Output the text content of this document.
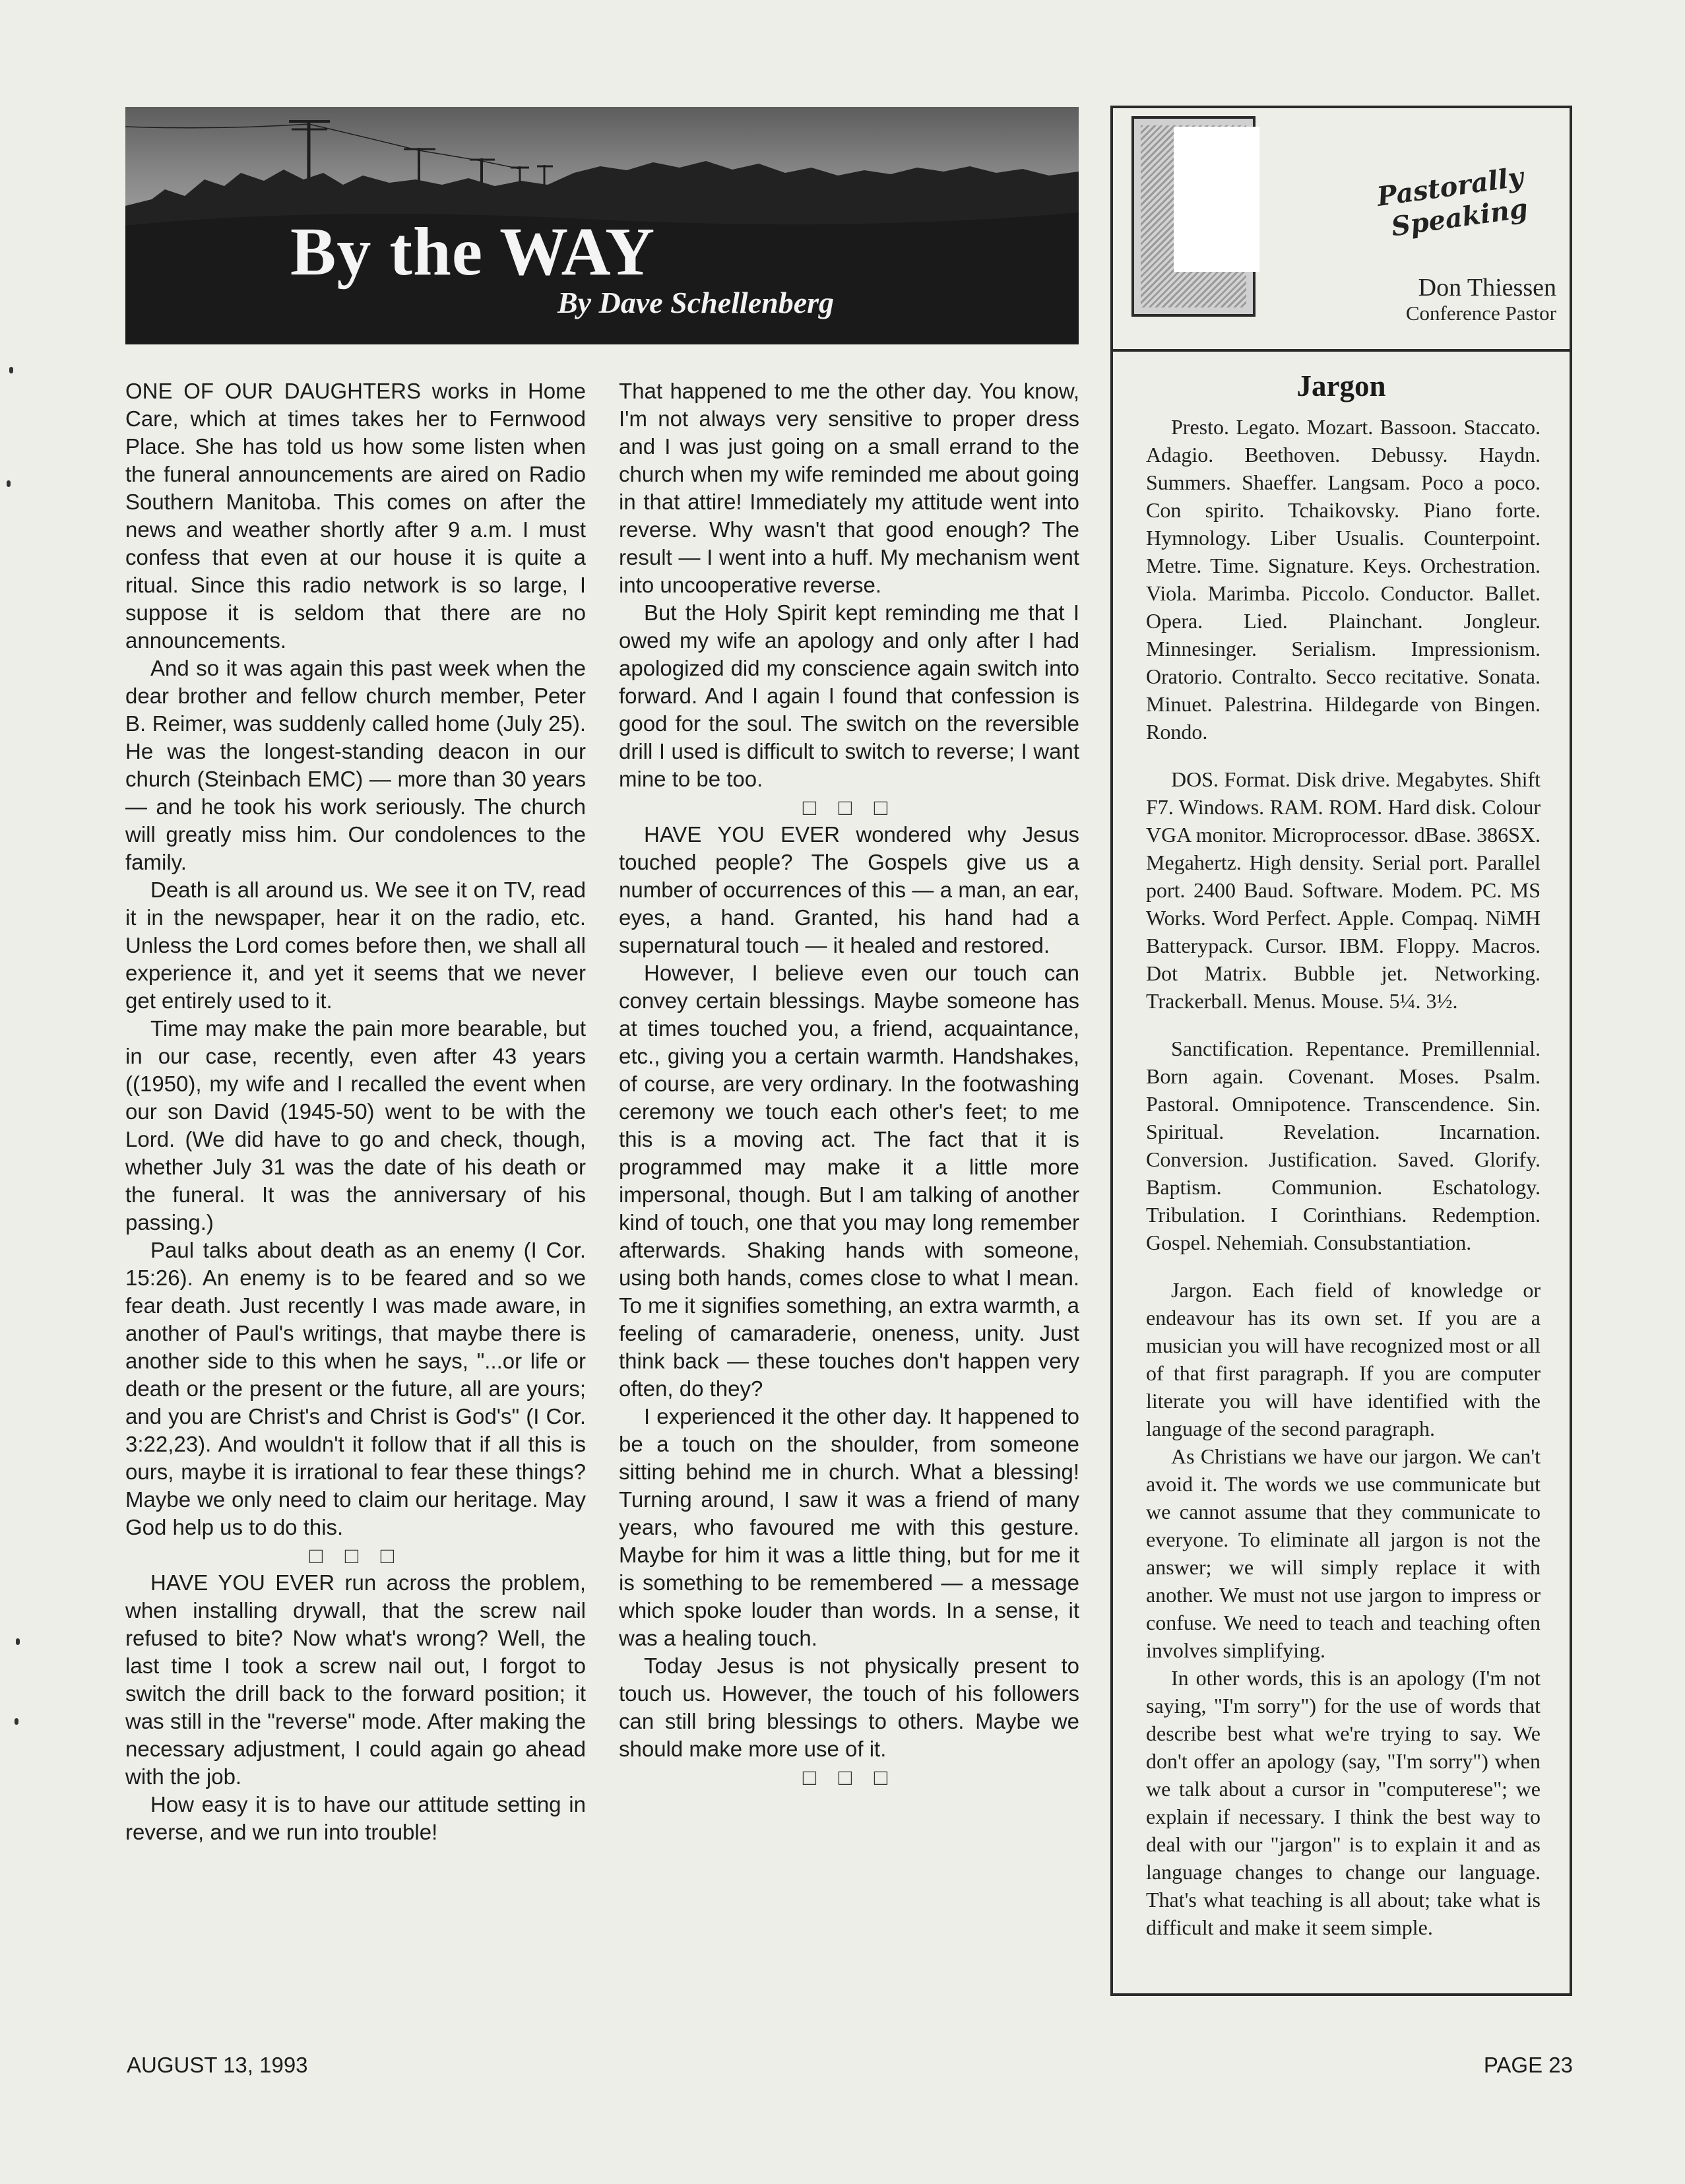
By the WAY
By Dave Schellenberg

ONE OF OUR DAUGHTERS works in Home Care, which at times takes her to Fernwood Place. She has told us how some listen when the funeral announcements are aired on Radio Southern Manitoba. This comes on after the news and weather shortly after 9 a.m. I must confess that even at our house it is quite a ritual. Since this radio network is so large, I suppose it is seldom that there are no announcements.

And so it was again this past week when the dear brother and fellow church member, Peter B. Reimer, was suddenly called home (July 25). He was the longest-standing deacon in our church (Steinbach EMC) — more than 30 years — and he took his work seriously. The church will greatly miss him. Our condolences to the family.

Death is all around us. We see it on TV, read it in the newspaper, hear it on the radio, etc. Unless the Lord comes before then, we shall all experience it, and yet it seems that we never get entirely used to it.

Time may make the pain more bearable, but in our case, recently, even after 43 years ((1950), my wife and I recalled the event when our son David (1945-50) went to be with the Lord. (We did have to go and check, though, whether July 31 was the date of his death or the funeral. It was the anniversary of his passing.)

Paul talks about death as an enemy (I Cor. 15:26). An enemy is to be feared and so we fear death. Just recently I was made aware, in another of Paul's writings, that maybe there is another side to this when he says, "...or life or death or the present or the future, all are yours; and you are Christ's and Christ is God's" (I Cor. 3:22,23). And wouldn't it follow that if all this is ours, maybe it is irrational to fear these things? Maybe we only need to claim our heritage. May God help us to do this.

□ □ □

HAVE YOU EVER run across the problem, when installing drywall, that the screw nail refused to bite? Now what's wrong? Well, the last time I took a screw nail out, I forgot to switch the drill back to the forward position; it was still in the "reverse" mode. After making the necessary adjustment, I could again go ahead with the job.

How easy it is to have our attitude setting in reverse, and we run into trouble!

That happened to me the other day. You know, I'm not always very sensitive to proper dress and I was just going on a small errand to the church when my wife reminded me about going in that attire! Immediately my attitude went into reverse. Why wasn't that good enough? The result — I went into a huff. My mechanism went into uncooperative reverse.

But the Holy Spirit kept reminding me that I owed my wife an apology and only after I had apologized did my conscience again switch into forward. And I again I found that confession is good for the soul. The switch on the reversible drill I used is difficult to switch to reverse; I want mine to be too.

□ □ □

HAVE YOU EVER wondered why Jesus touched people? The Gospels give us a number of occurrences of this — a man, an ear, eyes, a hand. Granted, his hand had a supernatural touch — it healed and restored.

However, I believe even our touch can convey certain blessings. Maybe someone has at times touched you, a friend, acquaintance, etc., giving you a certain warmth. Handshakes, of course, are very ordinary. In the footwashing ceremony we touch each other's feet; to me this is a moving act. The fact that it is programmed may make it a little more impersonal, though. But I am talking of another kind of touch, one that you may long remember afterwards. Shaking hands with someone, using both hands, comes close to what I mean. To me it signifies something, an extra warmth, a feeling of camaraderie, oneness, unity. Just think back — these touches don't happen very often, do they?

I experienced it the other day. It happened to be a touch on the shoulder, from someone sitting behind me in church. What a blessing! Turning around, I saw it was a friend of many years, who favoured me with this gesture. Maybe for him it was a little thing, but for me it is something to be remembered — a message which spoke louder than words. In a sense, it was a healing touch.

Today Jesus is not physically present to touch us. However, the touch of his followers can still bring blessings to others. Maybe we should make more use of it.

□ □ □
Pastorally Speaking
Don Thiessen
Conference Pastor
Jargon

Presto. Legato. Mozart. Bassoon. Staccato. Adagio. Beethoven. Debussy. Haydn. Summers. Shaeffer. Langsam. Poco a poco. Con spirito. Tchaikovsky. Piano forte. Hymnology. Liber Usualis. Counterpoint. Metre. Time. Signature. Keys. Orchestration. Viola. Marimba. Piccolo. Conductor. Ballet. Opera. Lied. Plainchant. Jongleur. Minnesinger. Serialism. Impressionism. Oratorio. Contralto. Secco recitative. Sonata. Minuet. Palestrina. Hildegarde von Bingen. Rondo.

DOS. Format. Disk drive. Megabytes. Shift F7. Windows. RAM. ROM. Hard disk. Colour VGA monitor. Microprocessor. dBase. 386SX. Megahertz. High density. Serial port. Parallel port. 2400 Baud. Software. Modem. PC. MS Works. Word Perfect. Apple. Compaq. NiMH Batterypack. Cursor. IBM. Floppy. Macros. Dot Matrix. Bubble jet. Networking. Trackerball. Menus. Mouse. 5¼. 3½.

Sanctification. Repentance. Premillennial. Born again. Covenant. Moses. Psalm. Pastoral. Omnipotence. Transcendence. Sin. Spiritual. Revelation. Incarnation. Conversion. Justification. Saved. Glorify. Baptism. Communion. Eschatology. Tribulation. I Corinthians. Redemption. Gospel. Nehemiah. Consubstantiation.

Jargon. Each field of knowledge or endeavour has its own set. If you are a musician you will have recognized most or all of that first paragraph. If you are computer literate you will have identified with the language of the second paragraph.

As Christians we have our jargon. We can't avoid it. The words we use communicate but we cannot assume that they communicate to everyone. To eliminate all jargon is not the answer; we will simply replace it with another. We must not use jargon to impress or confuse. We need to teach and teaching often involves simplifying.

In other words, this is an apology (I'm not saying, "I'm sorry") for the use of words that describe best what we're trying to say. We don't offer an apology (say, "I'm sorry") when we talk about a cursor in "computerese"; we explain if necessary. I think the best way to deal with our "jargon" is to explain it and as language changes to change our language. That's what teaching is all about; take what is difficult and make it seem simple.

AUGUST 13, 1993	PAGE 23
